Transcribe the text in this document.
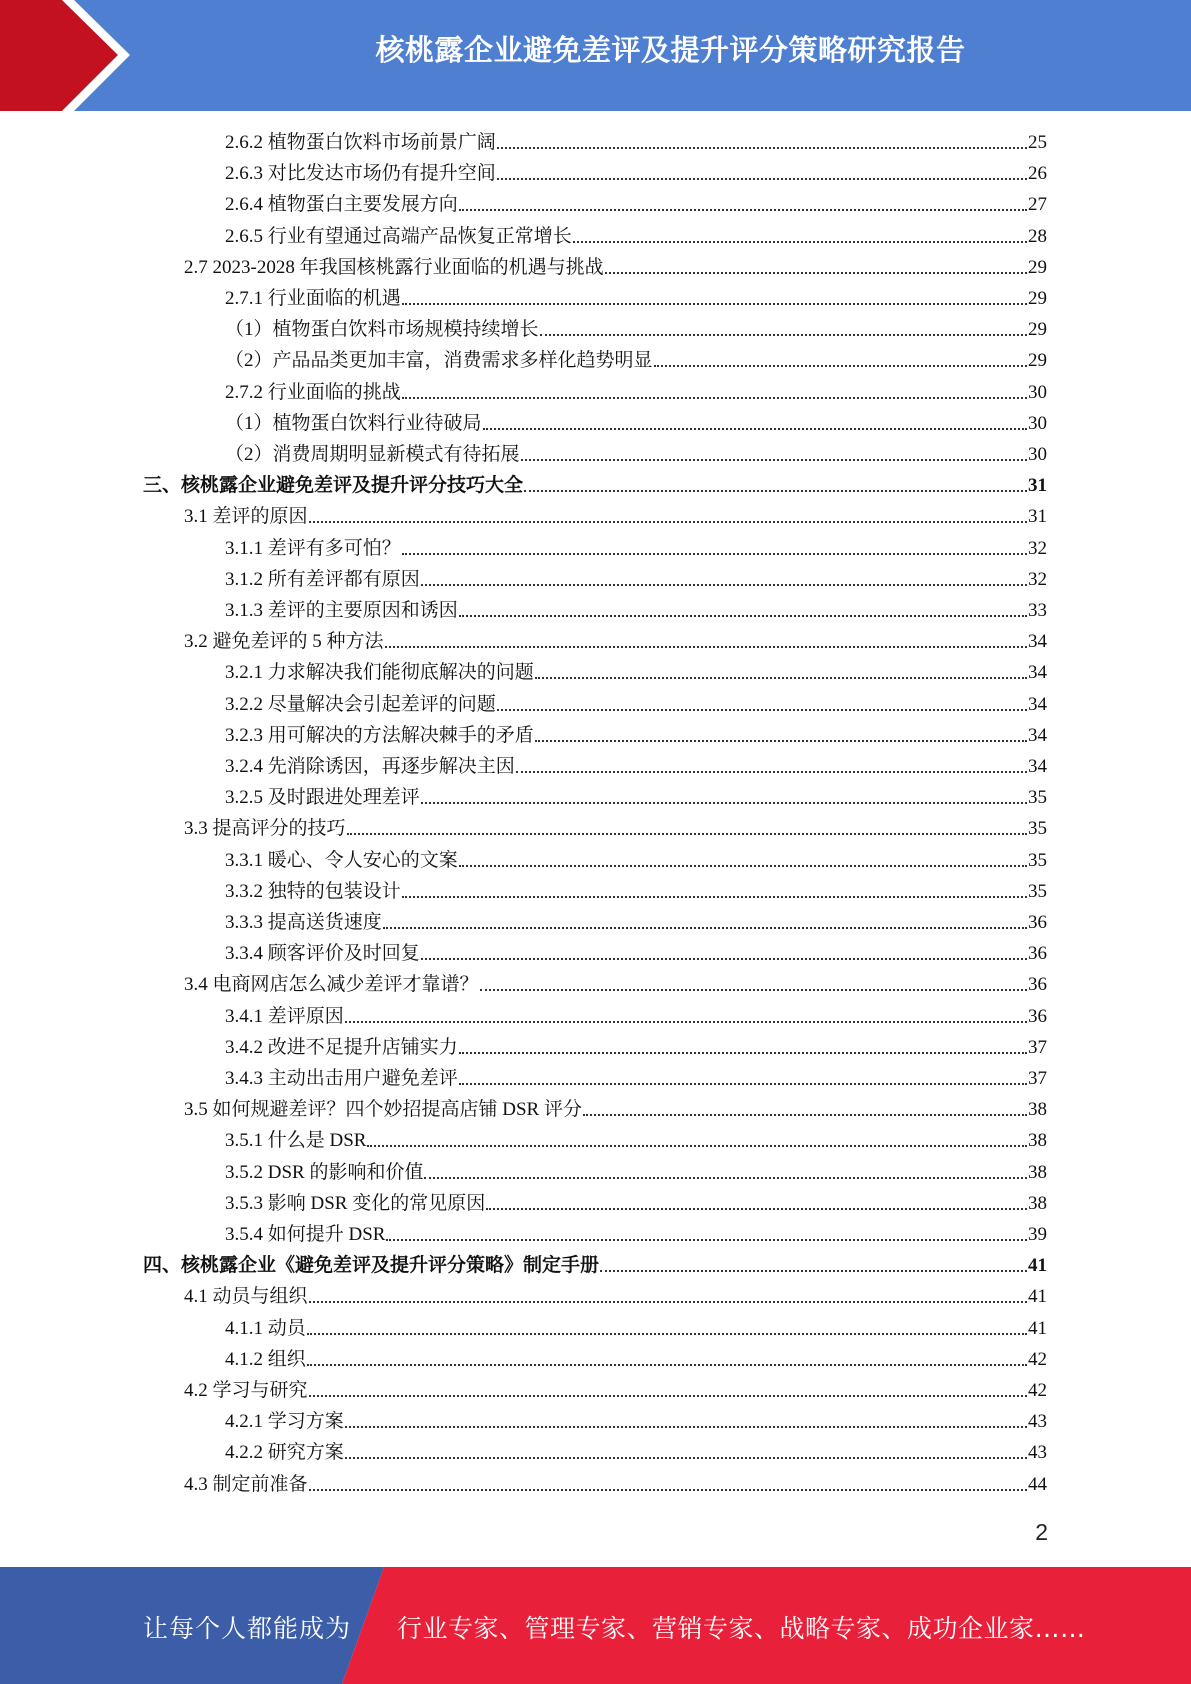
核桃露企业避免差评及提升评分策略研究报告
2.6.2 植物蛋白饮料市场前景广阔	25
2.6.3 对比发达市场仍有提升空间	26
2.6.4 植物蛋白主要发展方向	27
2.6.5 行业有望通过高端产品恢复正常增长	28
2.7 2023-2028 年我国核桃露行业面临的机遇与挑战	29
2.7.1 行业面临的机遇	29
（1）植物蛋白饮料市场规模持续增长	29
（2）产品品类更加丰富，消费需求多样化趋势明显	29
2.7.2 行业面临的挑战	30
（1）植物蛋白饮料行业待破局	30
（2）消费周期明显新模式有待拓展	30
三、核桃露企业避免差评及提升评分技巧大全	31
3.1 差评的原因	31
3.1.1 差评有多可怕？	32
3.1.2 所有差评都有原因	32
3.1.3 差评的主要原因和诱因	33
3.2 避免差评的 5 种方法	34
3.2.1 力求解决我们能彻底解决的问题	34
3.2.2 尽量解决会引起差评的问题	34
3.2.3 用可解决的方法解决棘手的矛盾	34
3.2.4 先消除诱因，再逐步解决主因	34
3.2.5 及时跟进处理差评	35
3.3 提高评分的技巧	35
3.3.1 暖心、令人安心的文案	35
3.3.2 独特的包装设计	35
3.3.3 提高送货速度	36
3.3.4 顾客评价及时回复	36
3.4 电商网店怎么减少差评才靠谱？	36
3.4.1 差评原因	36
3.4.2 改进不足提升店铺实力	37
3.4.3 主动出击用户避免差评	37
3.5 如何规避差评？四个妙招提高店铺 DSR 评分	38
3.5.1 什么是 DSR	38
3.5.2 DSR 的影响和价值	38
3.5.3 影响 DSR 变化的常见原因	38
3.5.4 如何提升 DSR	39
四、核桃露企业《避免差评及提升评分策略》制定手册	41
4.1 动员与组织	41
4.1.1 动员	41
4.1.2 组织	42
4.2 学习与研究	42
4.2.1 学习方案	43
4.2.2 研究方案	43
4.3 制定前准备	44
2
让每个人都能成为 行业专家、管理专家、营销专家、战略专家、成功企业家……
